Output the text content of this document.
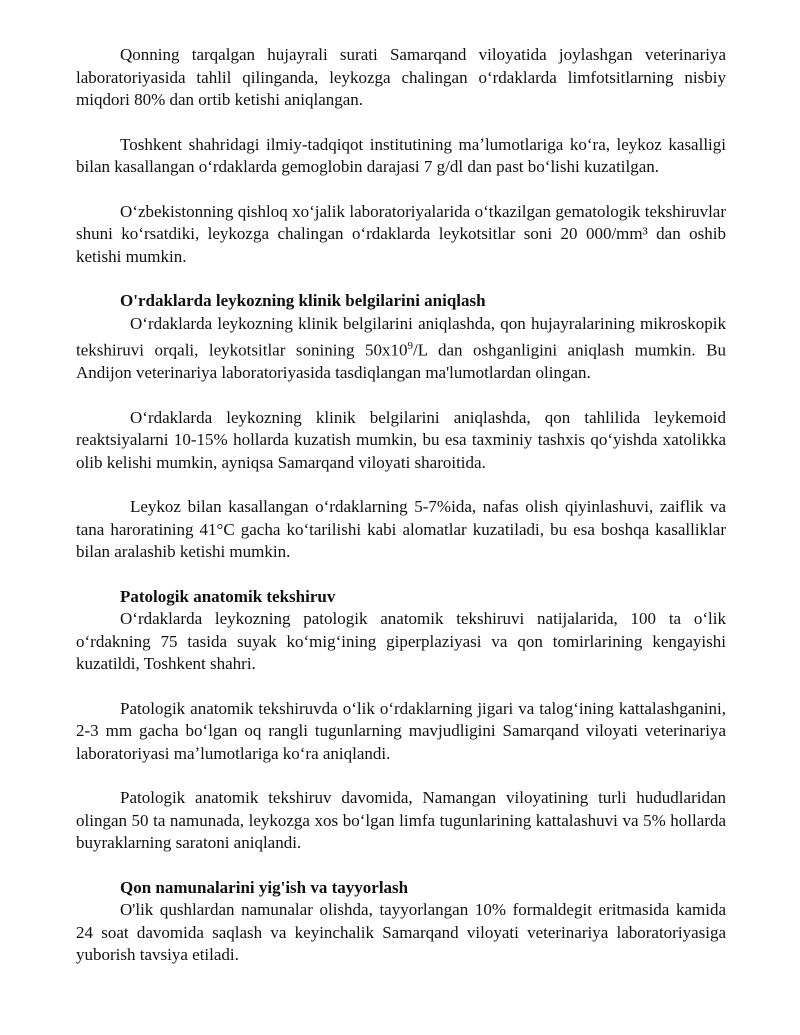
Qonning tarqalgan hujayrali surati Samarqand viloyatida joylashgan veterinariya laboratoriyasida tahlil qilinganda, leykozga chalingan oʻrdaklarda limfotsitlarning nisbiy miqdori 80% dan ortib ketishi aniqlangan.

Toshkent shahridagi ilmiy-tadqiqot institutining maʼlumotlariga koʻra, leykoz kasalligi bilan kasallangan oʻrdaklarda gemoglobin darajasi 7 g/dl dan past boʻlishi kuzatilgan.

Oʻzbekistonning qishloq xoʻjalik laboratoriyalarida oʻtkazilgan gematologik tekshiruvlar shuni koʻrsatdiki, leykozga chalingan oʻrdaklarda leykotsitlar soni 20 000/mm³ dan oshib ketishi mumkin.

O'rdaklarda leykozning klinik belgilarini aniqlash

Oʻrdaklarda leykozning klinik belgilarini aniqlashda, qon hujayralarining mikroskopik tekshiruvi orqali, leykotsitlar sonining $50x10^9/L$ dan oshganligini aniqlash mumkin. Bu Andijon veterinariya laboratoriyasida tasdiqlangan ma'lumotlardan olingan.

Oʻrdaklarda leykozning klinik belgilarini aniqlashda, qon tahlilida leykemoid reaktsiyalarni 10-15% hollarda kuzatish mumkin, bu esa taxminiy tashxis qoʻyishda xatolikka olib kelishi mumkin, ayniqsa Samarqand viloyati sharoitida.

Leykoz bilan kasallangan oʻrdaklarning 5-7%ida, nafas olish qiyinlashuvi, zaiflik va tana haroratining 41°C gacha koʻtarilishi kabi alomatlar kuzatiladi, bu esa boshqa kasalliklar bilan aralashib ketishi mumkin.

Patologik anatomik tekshiruv

Oʻrdaklarda leykozning patologik anatomik tekshiruvi natijalarida, 100 ta oʻlik oʻrdakning 75 tasida suyak koʻmigʻining giperplaziyasi va qon tomirlarining kengayishi kuzatildi, Toshkent shahri.

Patologik anatomik tekshiruvda oʻlik oʻrdaklarning jigari va talogʻining kattalashganini, 2-3 mm gacha boʻlgan oq rangli tugunlarning mavjudligini Samarqand viloyati veterinariya laboratoriyasi maʼlumotlariga koʻra aniqlandi.

Patologik anatomik tekshiruv davomida, Namangan viloyatining turli hududlaridan olingan 50 ta namunada, leykozga xos boʻlgan limfa tugunlarining kattalashuvi va 5% hollarda buyraklarning saratoni aniqlandi.

Qon namunalarini yig'ish va tayyorlash

O'lik qushlardan namunalar olishda, tayyorlangan 10% formaldegit eritmasida kamida 24 soat davomida saqlash va keyinchalik Samarqand viloyati veterinariya laboratoriyasiga yuborish tavsiya etiladi.
